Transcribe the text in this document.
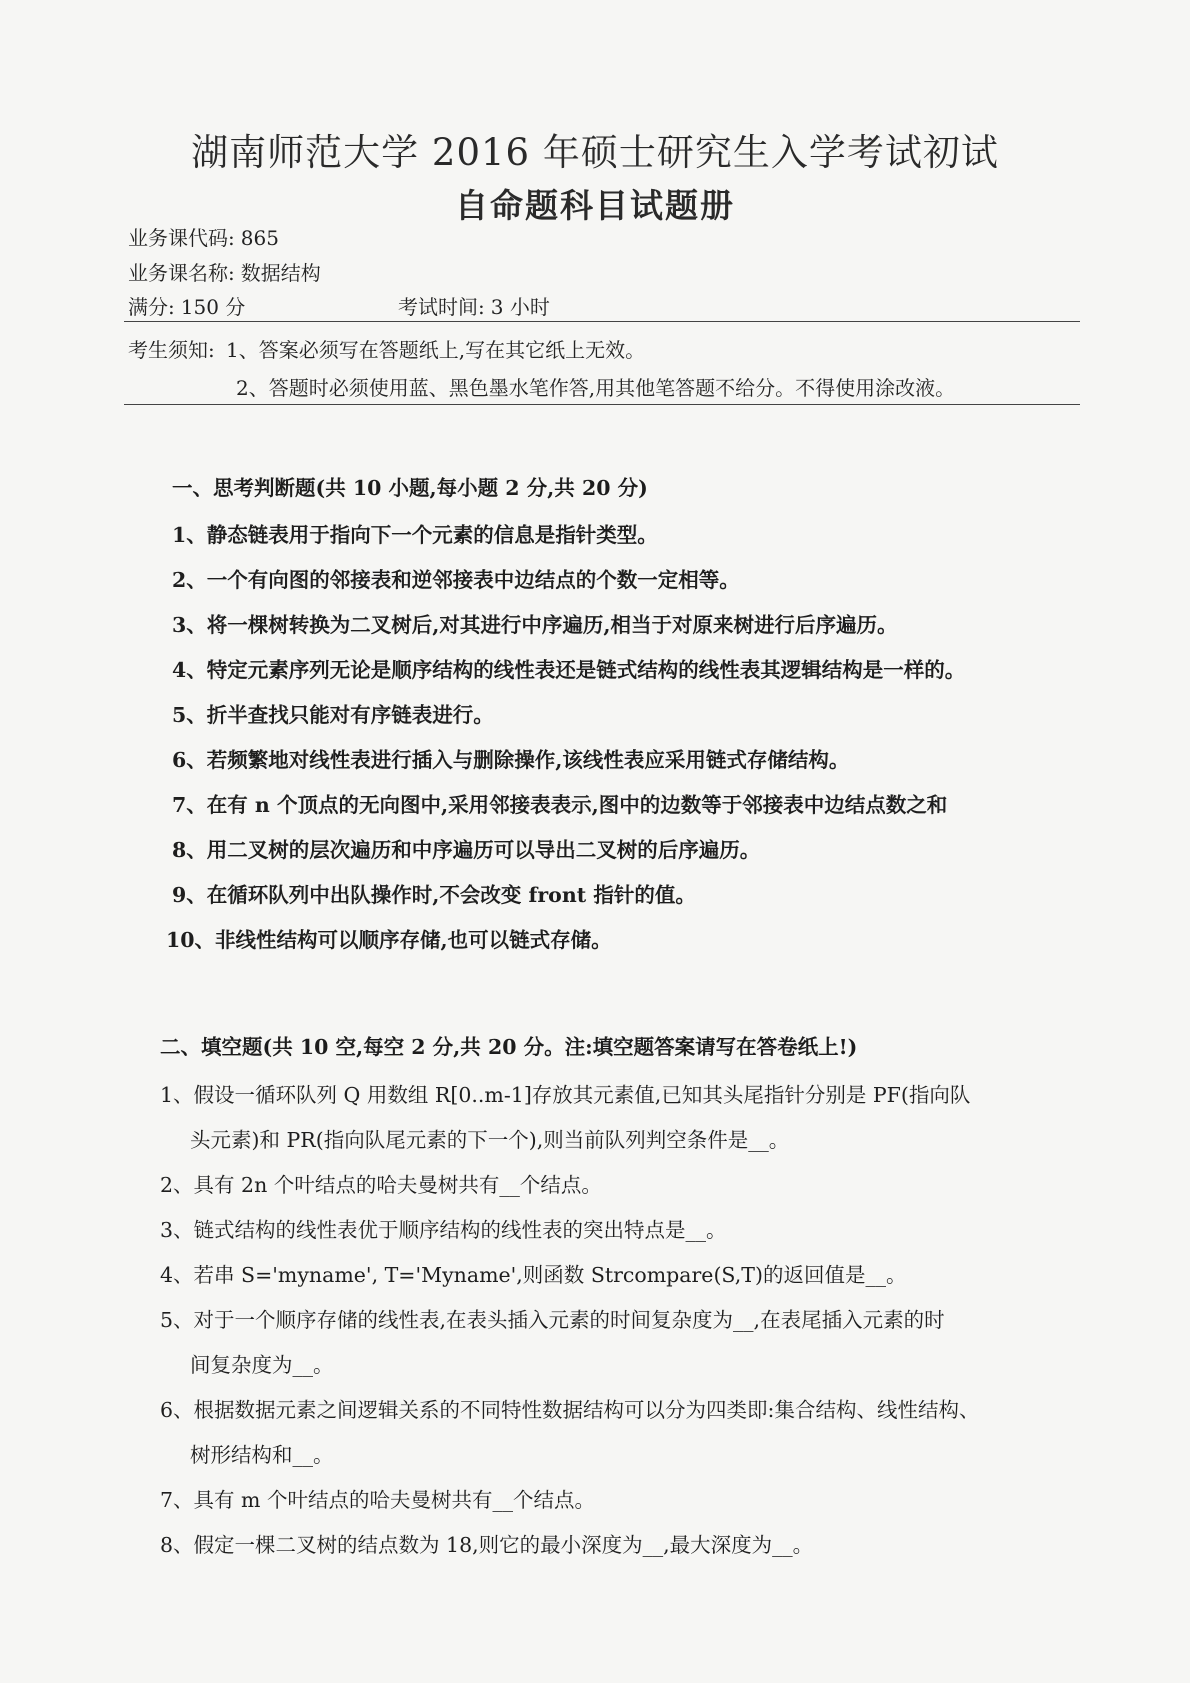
湖南师范大学 2016 年硕士研究生入学考试初试
自命题科目试题册
业务课代码: 865
业务课名称: 数据结构
满分: 150 分	考试时间: 3 小时
考生须知: 1、答案必须写在答题纸上,写在其它纸上无效。
2、答题时必须使用蓝、黑色墨水笔作答,用其他笔答题不给分。不得使用涂改液。
一、思考判断题(共 10 小题,每小题 2 分,共 20 分)
1、静态链表用于指向下一个元素的信息是指针类型。
2、一个有向图的邻接表和逆邻接表中边结点的个数一定相等。
3、将一棵树转换为二叉树后,对其进行中序遍历,相当于对原来树进行后序遍历。
4、特定元素序列无论是顺序结构的线性表还是链式结构的线性表其逻辑结构是一样的。
5、折半查找只能对有序链表进行。
6、若频繁地对线性表进行插入与删除操作,该线性表应采用链式存储结构。
7、在有 n 个顶点的无向图中,采用邻接表表示,图中的边数等于邻接表中边结点数之和
8、用二叉树的层次遍历和中序遍历可以导出二叉树的后序遍历。
9、在循环队列中出队操作时,不会改变 front 指针的值。
10、非线性结构可以顺序存储,也可以链式存储。
二、填空题(共 10 空,每空 2 分,共 20 分。注:填空题答案请写在答卷纸上!)
1、假设一循环队列 Q 用数组 R[0..m-1]存放其元素值,已知其头尾指针分别是 PF(指向队
头元素)和 PR(指向队尾元素的下一个),则当前队列判空条件是__。
2、具有 2n 个叶结点的哈夫曼树共有__个结点。
3、链式结构的线性表优于顺序结构的线性表的突出特点是__。
4、若串 S='myname', T='Myname',则函数 Strcompare(S,T)的返回值是__。
5、对于一个顺序存储的线性表,在表头插入元素的时间复杂度为__,在表尾插入元素的时
间复杂度为__。
6、根据数据元素之间逻辑关系的不同特性数据结构可以分为四类即:集合结构、线性结构、
树形结构和__。
7、具有 m 个叶结点的哈夫曼树共有__个结点。
8、假定一棵二叉树的结点数为 18,则它的最小深度为__,最大深度为__。
